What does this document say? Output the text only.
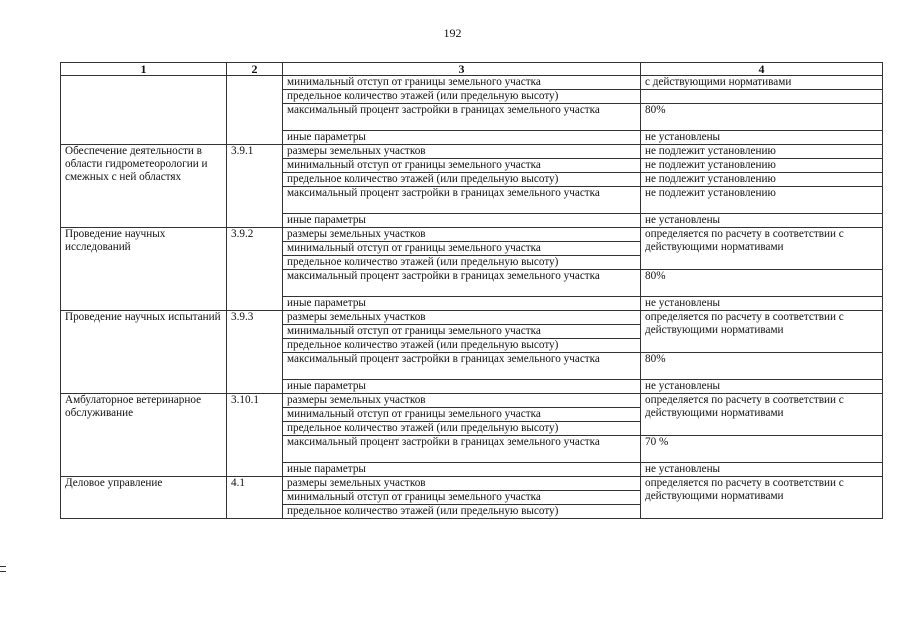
192
1	2	3	4
		минимальный отступ от границы земельного участка	с действующими нормативами
		предельное количество этажей (или предельную высоту)	
		максимальный процент застройки в границах земельного участка	80%
		иные параметры	не установлены
Обеспечение деятельности в области гидрометеорологии и смежных с ней областях	3.9.1	размеры земельных участков	не подлежит установлению
		минимальный отступ от границы земельного участка	не подлежит установлению
		предельное количество этажей (или предельную высоту)	не подлежит установлению
		максимальный процент застройки в границах земельного участка	не подлежит установлению
		иные параметры	не установлены
Проведение научных исследований	3.9.2	размеры земельных участков	определяется по расчету в соответствии с действующими нормативами
		минимальный отступ от границы земельного участка	
		предельное количество этажей (или предельную высоту)	
		максимальный процент застройки в границах земельного участка	80%
		иные параметры	не установлены
Проведение научных испытаний	3.9.3	размеры земельных участков	определяется по расчету в соответствии с действующими нормативами
		минимальный отступ от границы земельного участка	
		предельное количество этажей (или предельную высоту)	
		максимальный процент застройки в границах земельного участка	80%
		иные параметры	не установлены
Амбулаторное ветеринарное обслуживание	3.10.1	размеры земельных участков	определяется по расчету в соответствии с действующими нормативами
		минимальный отступ от границы земельного участка	
		предельное количество этажей (или предельную высоту)	
		максимальный процент застройки в границах земельного участка	70 %
		иные параметры	не установлены
Деловое управление	4.1	размеры земельных участков	определяется по расчету в соответствии с действующими нормативами
		минимальный отступ от границы земельного участка	
		предельное количество этажей (или предельную высоту)	
